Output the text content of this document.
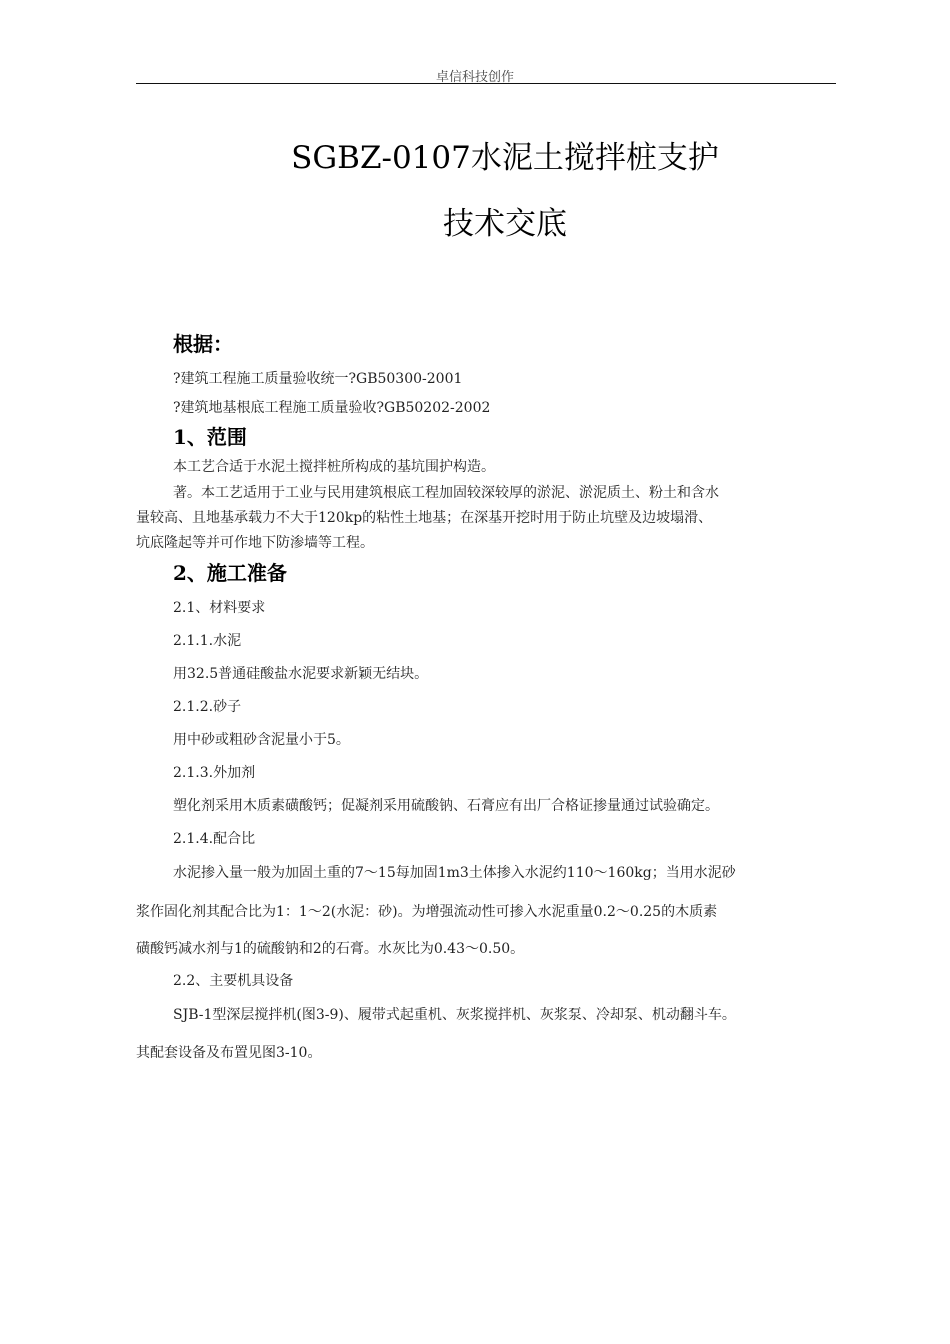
卓信科技创作
SGBZ-0107水泥土搅拌桩支护
技术交底
根据：
?建筑工程施工质量验收统一?GB50300-2001
?建筑地基根底工程施工质量验收?GB50202-2002
1、范围
本工艺合适于水泥土搅拌桩所构成的基坑围护构造。
著。本工艺适用于工业与民用建筑根底工程加固较深较厚的淤泥、淤泥质土、粉土和含水
量较高、且地基承载力不大于120kp的粘性土地基；在深基开挖时用于防止坑壁及边坡塌滑、
坑底隆起等并可作地下防渗墙等工程。
2、施工准备
2.1、材料要求
2.1.1.水泥
用32.5普通硅酸盐水泥要求新颖无结块。
2.1.2.砂子
用中砂或粗砂含泥量小于5。
2.1.3.外加剂
塑化剂采用木质素磺酸钙；促凝剂采用硫酸钠、石膏应有出厂合格证掺量通过试验确定。
2.1.4.配合比
水泥掺入量一般为加固土重的7～15每加固1m3土体掺入水泥约110～160kg；当用水泥砂
浆作固化剂其配合比为1：1～2(水泥：砂)。为增强流动性可掺入水泥重量0.2～0.25的木质素
磺酸钙减水剂与1的硫酸钠和2的石膏。水灰比为0.43～0.50。
2.2、主要机具设备
SJB-1型深层搅拌机(图3-9)、履带式起重机、灰浆搅拌机、灰浆泵、冷却泵、机动翻斗车。
其配套设备及布置见图3-10。
